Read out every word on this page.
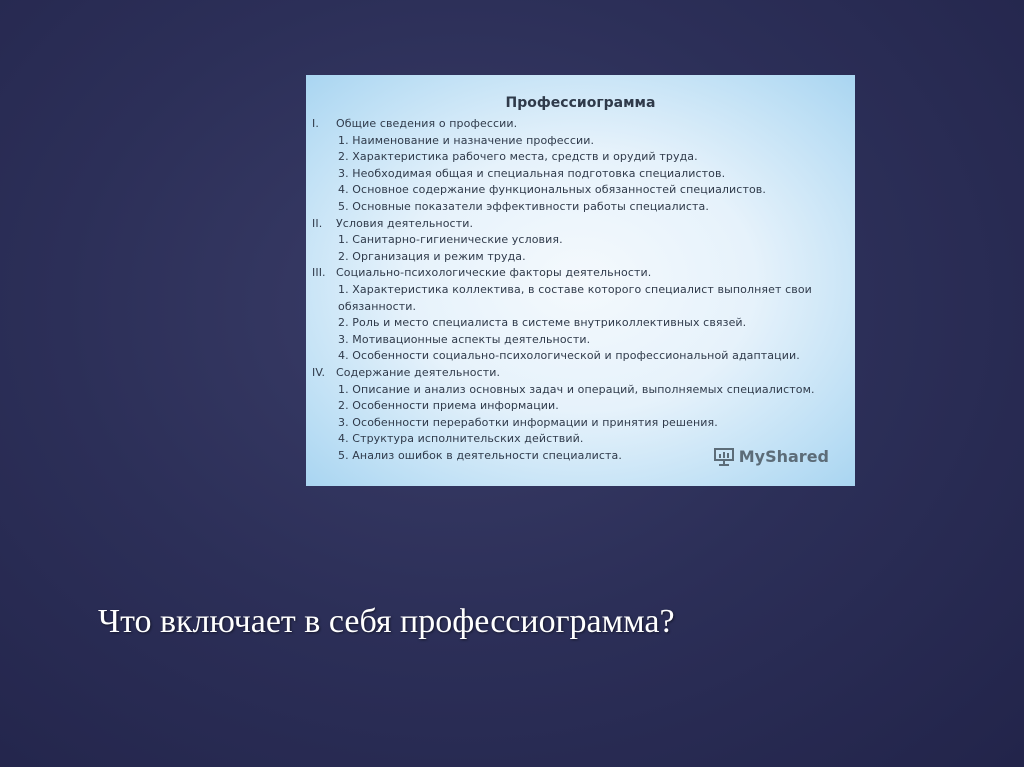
Профессиограмма
I. Общие сведения о профессии.
1. Наименование и назначение профессии.
2. Характеристика рабочего места, средств и орудий труда.
3. Необходимая общая и специальная подготовка специалистов.
4. Основное содержание функциональных обязанностей специалистов.
5. Основные показатели эффективности работы специалиста.
II. Условия деятельности.
1. Санитарно-гигиенические условия.
2. Организация и режим труда.
III. Социально-психологические факторы деятельности.
1. Характеристика коллектива, в составе которого специалист выполняет свои
обязанности.
2. Роль и место специалиста в системе внутриколлективных связей.
3. Мотивационные аспекты деятельности.
4. Особенности социально-психологической и профессиональной адаптации.
IV. Содержание деятельности.
1. Описание и анализ основных задач и операций, выполняемых специалистом.
2. Особенности приема информации.
3. Особенности переработки информации и принятия решения.
4. Структура исполнительских действий.
5. Анализ ошибок в деятельности специалиста.	MyShared
Что включает в себя профессиограмма?
